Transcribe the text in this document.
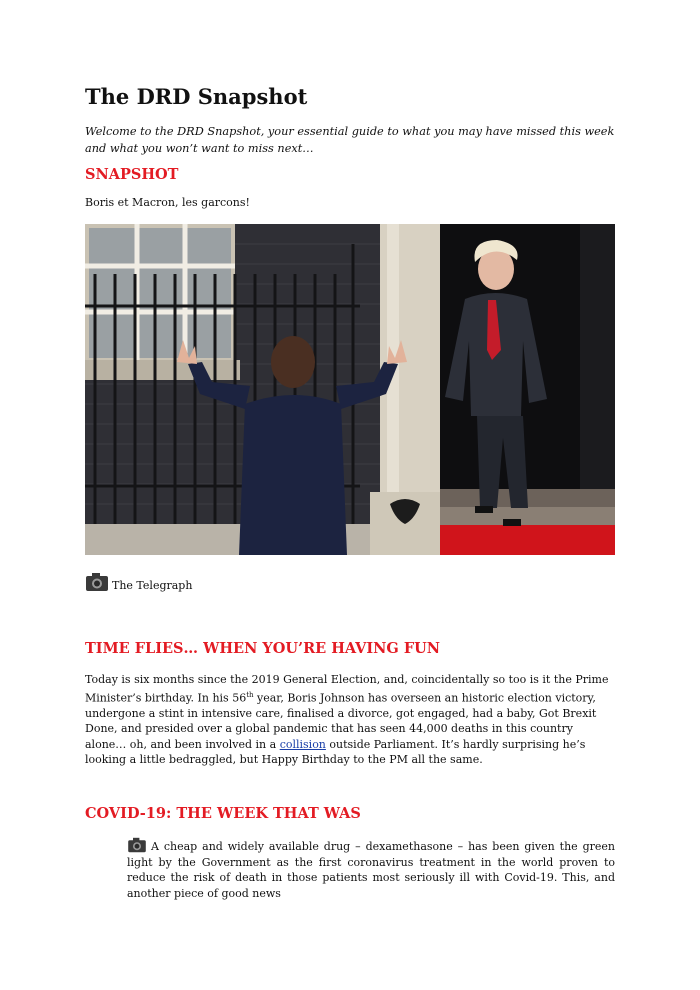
The DRD Snapshot
Welcome to the DRD Snapshot, your essential guide to what you may have missed this week and what you won’t want to miss next…
SNAPSHOT
Boris et Macron, les garcons!
The Telegraph
TIME FLIES… WHEN YOU’RE HAVING FUN
Today is six months since the 2019 General Election, and, coincidentally so too is it the Prime Minister’s birthday. In his 56th year, Boris Johnson has overseen an historic election victory, undergone a stint in intensive care, finalised a divorce, got engaged, had a baby, Got Brexit Done, and presided over a global pandemic that has seen 44,000 deaths in this country alone… oh, and been involved in a collision outside Parliament. It’s hardly surprising he’s looking a little bedraggled, but Happy Birthday to the PM all the same.
COVID-19: THE WEEK THAT WAS
A cheap and widely available drug – dexamethasone – has been given the green light by the Government as the first coronavirus treatment in the world proven to reduce the risk of death in those patients most seriously ill with Covid-19. This, and another piece of good news
